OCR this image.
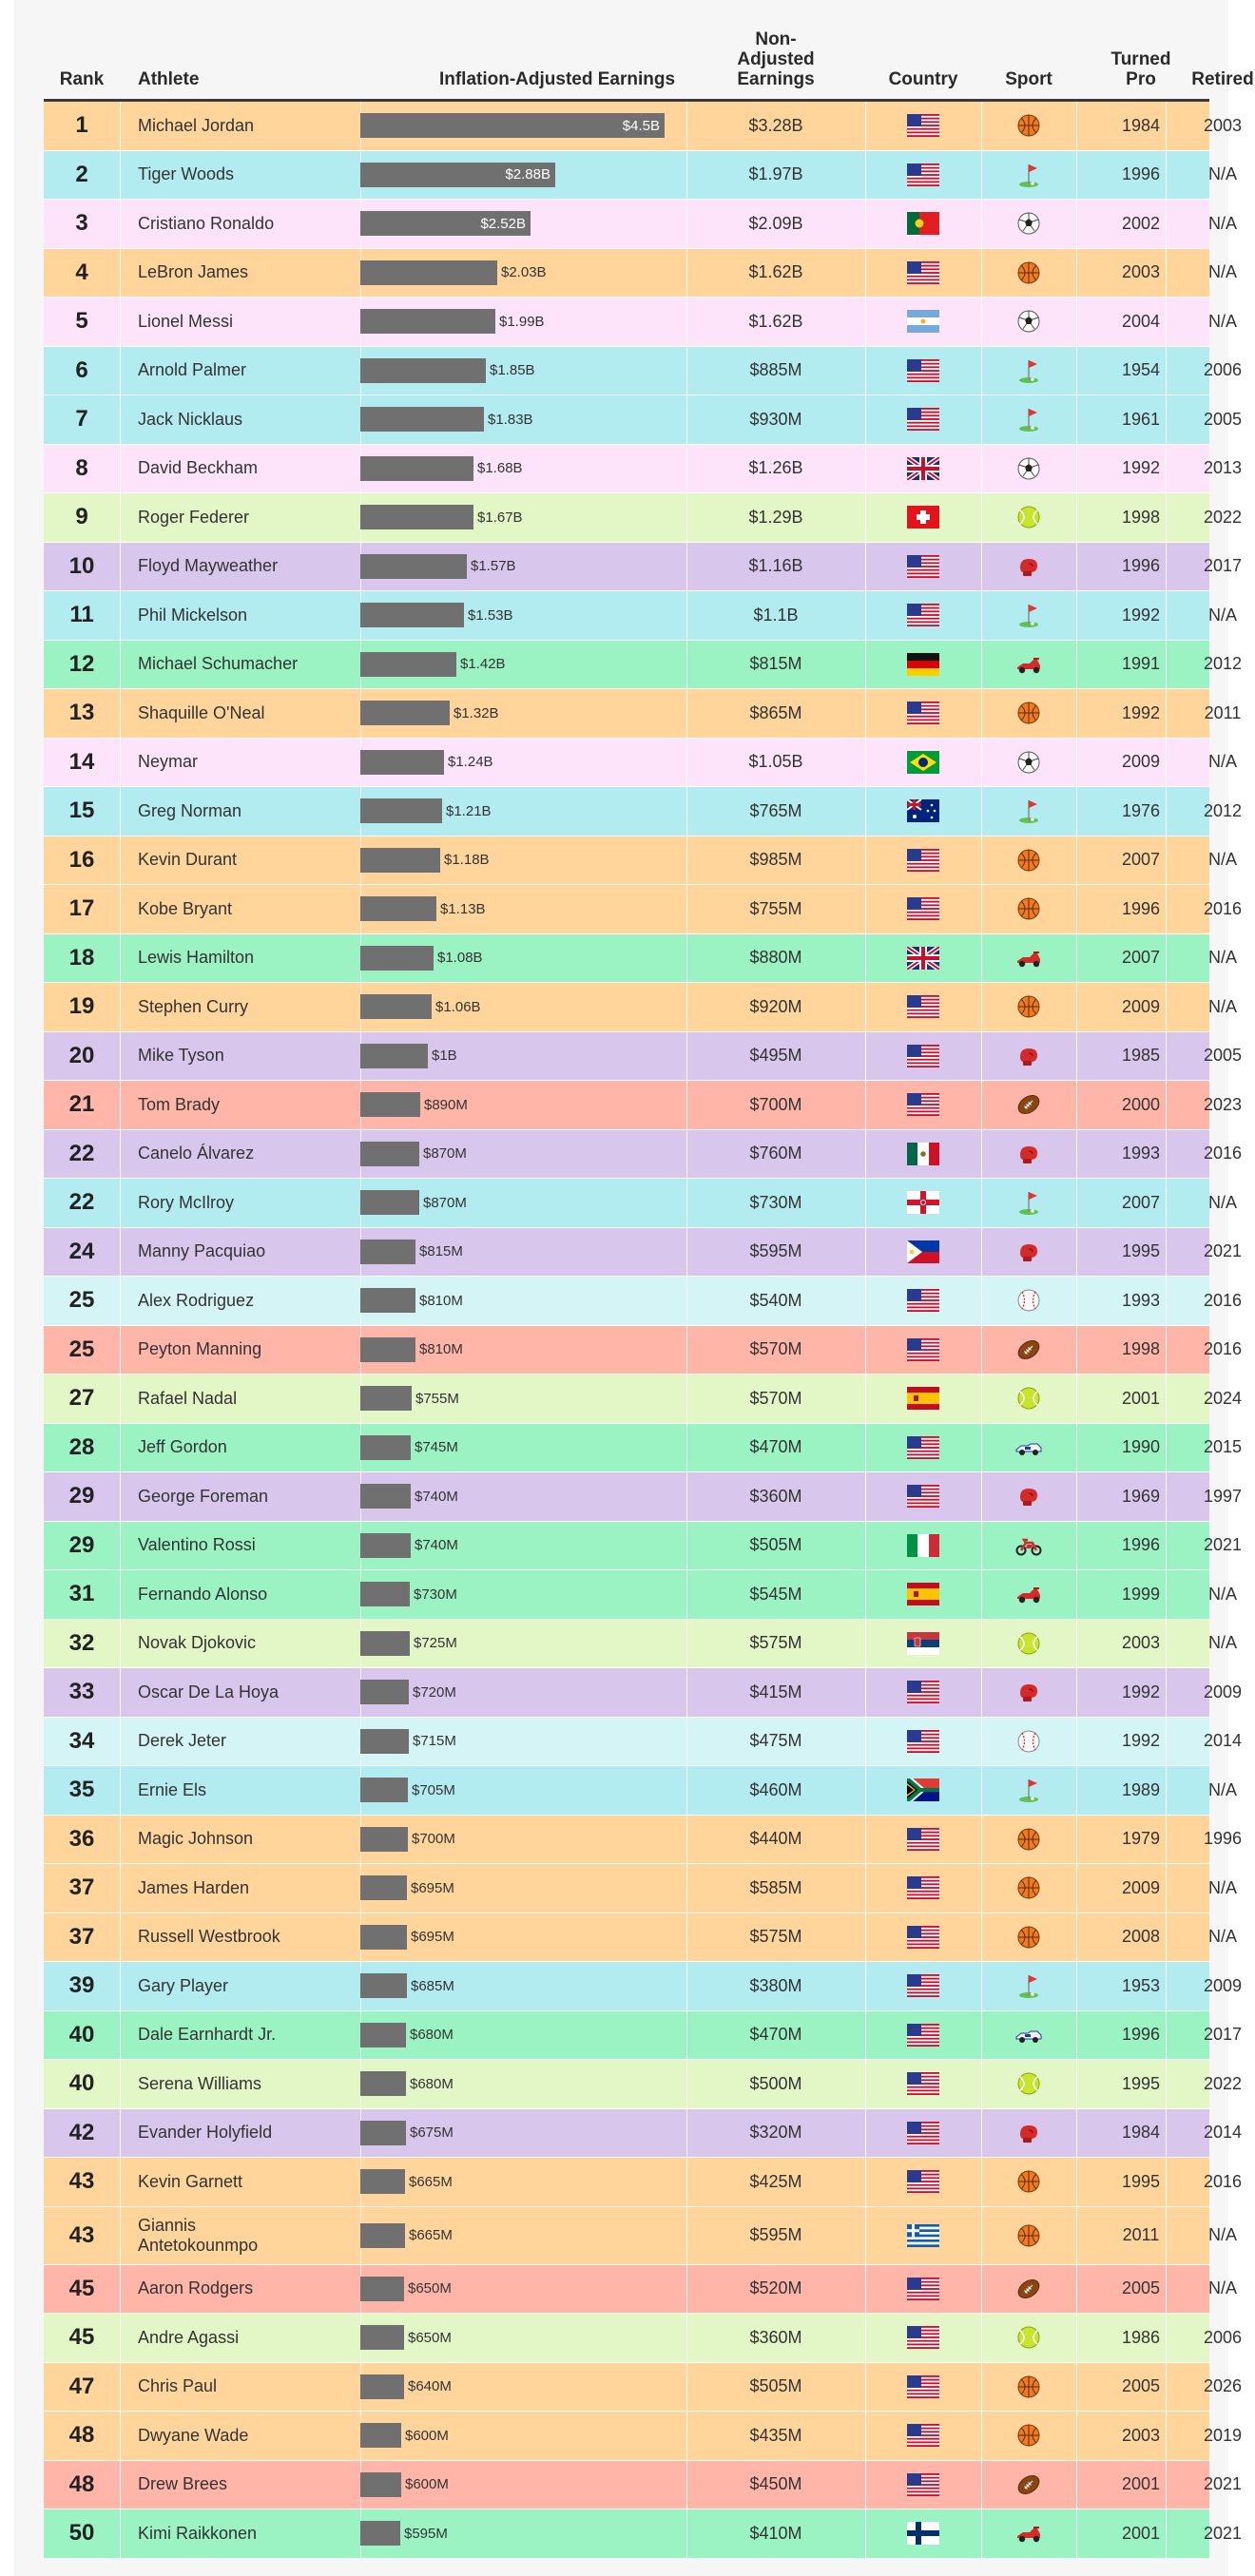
Rank	Athlete	Inflation-Adjusted Earnings
Non-
Adjusted
Earnings	Country	Sport
Turned
Pro	Retired
1	Michael Jordan	$4.5B	$3.28B	1984	2003
2	Tiger Woods	$2.88B	$1.97B	1996	N/A
3	Cristiano Ronaldo	$2.52B	$2.09B	2002	N/A
4	LeBron James	$2.03B	$1.62B	2003	N/A
5	Lionel Messi	$1.99B	$1.62B	2004	N/A
6	Arnold Palmer	$1.85B	$885M	1954	2006
7	Jack Nicklaus	$1.83B	$930M	1961	2005
8	David Beckham	$1.68B	$1.26B	1992	2013
9	Roger Federer	$1.67B	$1.29B	1998	2022
10	Floyd Mayweather	$1.57B	$1.16B	1996	2017
11	Phil Mickelson	$1.53B	$1.1B	1992	N/A
12	Michael Schumacher	$1.42B	$815M	1991	2012
13	Shaquille O'Neal	$1.32B	$865M	1992	2011
14	Neymar	$1.24B	$1.05B	2009	N/A
15	Greg Norman	$1.21B	$765M	1976	2012
16	Kevin Durant	$1.18B	$985M	2007	N/A
17	Kobe Bryant	$1.13B	$755M	1996	2016
18	Lewis Hamilton	$1.08B	$880M	2007	N/A
19	Stephen Curry	$1.06B	$920M	2009	N/A
20	Mike Tyson	$1B	$495M	1985	2005
21	Tom Brady	$890M	$700M	2000	2023
22	Canelo Álvarez	$870M	$760M	1993	2016
22	Rory McIlroy	$870M	$730M	2007	N/A
24	Manny Pacquiao	$815M	$595M	1995	2021
25	Alex Rodriguez	$810M	$540M	1993	2016
25	Peyton Manning	$810M	$570M	1998	2016
27	Rafael Nadal	$755M	$570M	2001	2024
28	Jeff Gordon	$745M	$470M	1990	2015
29	George Foreman	$740M	$360M	1969	1997
29	Valentino Rossi	$740M	$505M	1996	2021
31	Fernando Alonso	$730M	$545M	1999	N/A
32	Novak Djokovic	$725M	$575M	2003	N/A
33	Oscar De La Hoya	$720M	$415M	1992	2009
34	Derek Jeter	$715M	$475M	1992	2014
35	Ernie Els	$705M	$460M	1989	N/A
36	Magic Johnson	$700M	$440M	1979	1996
37	James Harden	$695M	$585M	2009	N/A
37	Russell Westbrook	$695M	$575M	2008	N/A
39	Gary Player	$685M	$380M	1953	2009
40	Dale Earnhardt Jr.	$680M	$470M	1996	2017
40	Serena Williams	$680M	$500M	1995	2022
42	Evander Holyfield	$675M	$320M	1984	2014
43	Kevin Garnett	$665M	$425M	1995	2016
43	Giannis
Antetokounmpo	$665M	$595M	2011	N/A
45	Aaron Rodgers	$650M	$520M	2005	N/A
45	Andre Agassi	$650M	$360M	1986	2006
47	Chris Paul	$640M	$505M	2005	2026
48	Dwyane Wade	$600M	$435M	2003	2019
48	Drew Brees	$600M	$450M	2001	2021
50	Kimi Raikkonen	$595M	$410M	2001	2021
